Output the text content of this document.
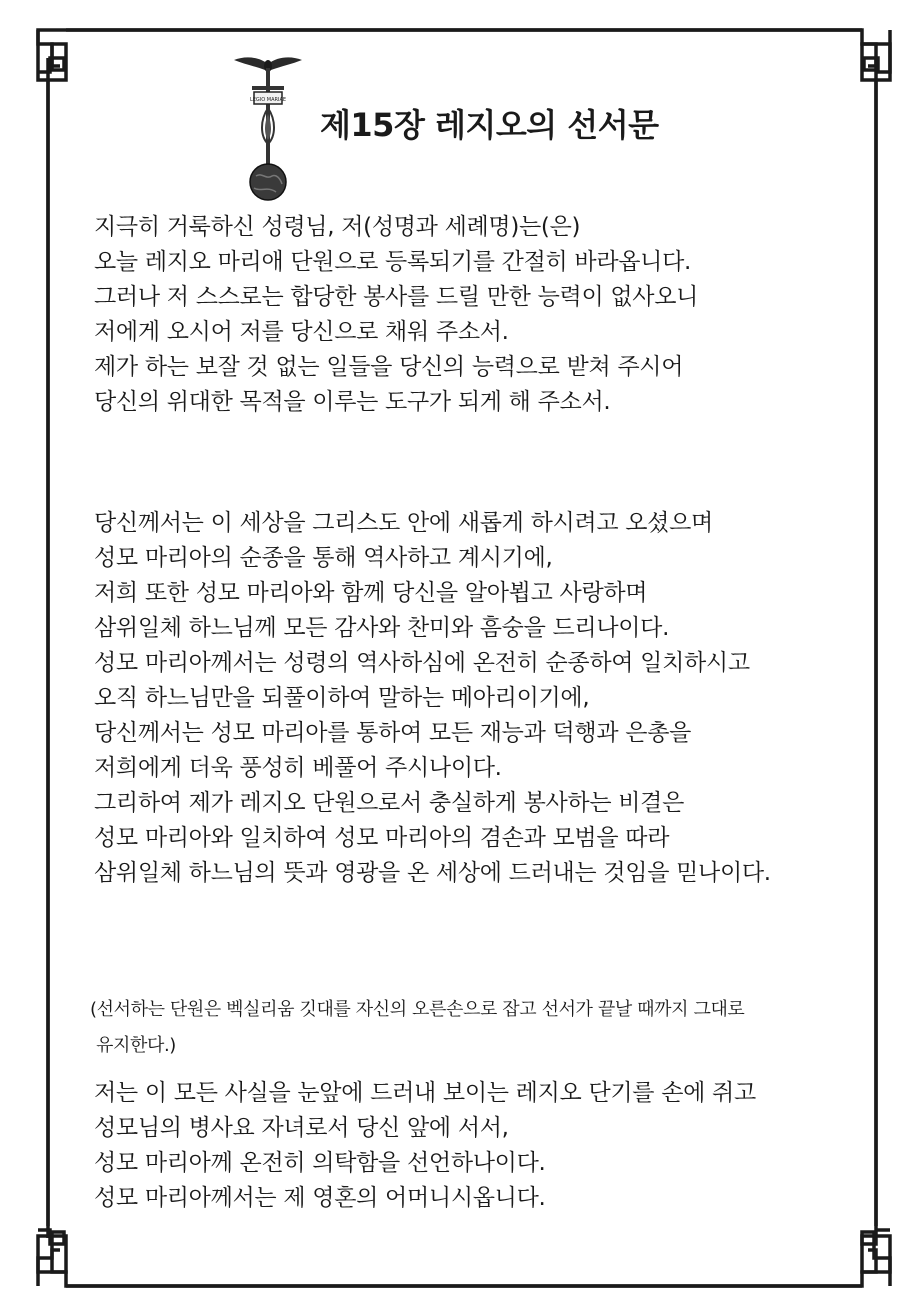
LEGIO MARIAE
제15장 레지오의 선서문
지극히 거룩하신 성령님, 저(성명과 세례명)는(은)
오늘 레지오 마리애 단원으로 등록되기를 간절히 바라옵니다.
그러나 저 스스로는 합당한 봉사를 드릴 만한 능력이 없사오니
저에게 오시어 저를 당신으로 채워 주소서.
제가 하는 보잘 것 없는 일들을 당신의 능력으로 받쳐 주시어
당신의 위대한 목적을 이루는 도구가 되게 해 주소서.
당신께서는 이 세상을 그리스도 안에 새롭게 하시려고 오셨으며
성모 마리아의 순종을 통해 역사하고 계시기에,
저희 또한 성모 마리아와 함께 당신을 알아뵙고 사랑하며
삼위일체 하느님께 모든 감사와 찬미와 흠숭을 드리나이다.
성모 마리아께서는 성령의 역사하심에 온전히 순종하여 일치하시고
오직 하느님만을 되풀이하여 말하는 메아리이기에,
당신께서는 성모 마리아를 통하여 모든 재능과 덕행과 은총을
저희에게 더욱 풍성히 베풀어 주시나이다.
그리하여 제가 레지오 단원으로서 충실하게 봉사하는 비결은
성모 마리아와 일치하여 성모 마리아의 겸손과 모범을 따라
삼위일체 하느님의 뜻과 영광을 온 세상에 드러내는 것임을 믿나이다.
(선서하는 단원은 벡실리움 깃대를 자신의 오른손으로 잡고 선서가 끝날 때까지 그대로
유지한다.)
저는 이 모든 사실을 눈앞에 드러내 보이는 레지오 단기를 손에 쥐고
성모님의 병사요 자녀로서 당신 앞에 서서,
성모 마리아께 온전히 의탁함을 선언하나이다.
성모 마리아께서는 제 영혼의 어머니시옵니다.
